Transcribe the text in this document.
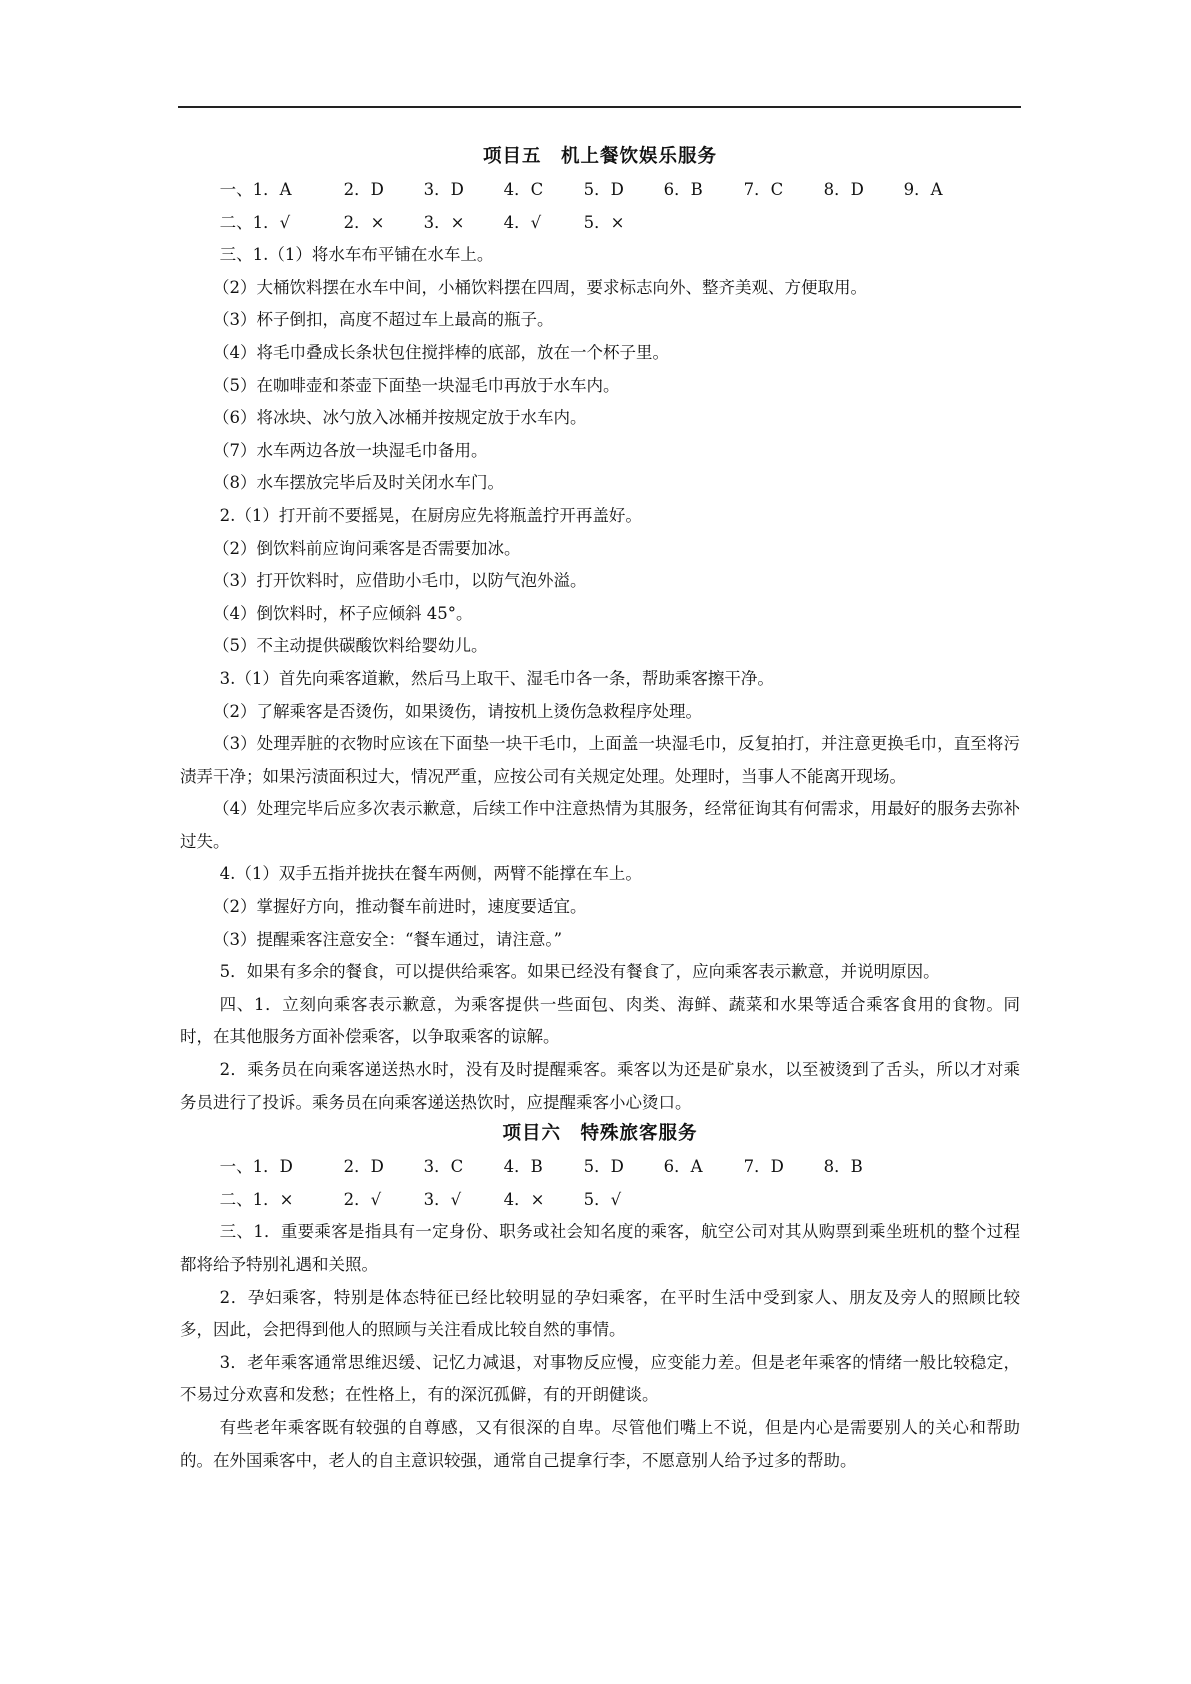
项目五　机上餐饮娱乐服务
一、1．A	2．D	3．D	4．C	5．D	6．B	7．C	8．D	9．A
二、1．√	2．×	3．×	4．√	5．×

三、1.（1）将水车布平铺在水车上。

（2）大桶饮料摆在水车中间，小桶饮料摆在四周，要求标志向外、整齐美观、方便取用。

（3）杯子倒扣，高度不超过车上最高的瓶子。

（4）将毛巾叠成长条状包住搅拌棒的底部，放在一个杯子里。

（5）在咖啡壶和茶壶下面垫一块湿毛巾再放于水车内。

（6）将冰块、冰勺放入冰桶并按规定放于水车内。

（7）水车两边各放一块湿毛巾备用。

（8）水车摆放完毕后及时关闭水车门。

2.（1）打开前不要摇晃，在厨房应先将瓶盖拧开再盖好。

（2）倒饮料前应询问乘客是否需要加冰。

（3）打开饮料时，应借助小毛巾，以防气泡外溢。

（4）倒饮料时，杯子应倾斜 45°。

（5）不主动提供碳酸饮料给婴幼儿。

3.（1）首先向乘客道歉，然后马上取干、湿毛巾各一条，帮助乘客擦干净。

（2）了解乘客是否烫伤，如果烫伤，请按机上烫伤急救程序处理。

（3）处理弄脏的衣物时应该在下面垫一块干毛巾，上面盖一块湿毛巾，反复拍打，并注意更换毛巾，直至将污渍弄干净；如果污渍面积过大，情况严重，应按公司有关规定处理。处理时，当事人不能离开现场。

（4）处理完毕后应多次表示歉意，后续工作中注意热情为其服务，经常征询其有何需求，用最好的服务去弥补过失。

4.（1）双手五指并拢扶在餐车两侧，两臂不能撑在车上。

（2）掌握好方向，推动餐车前进时，速度要适宜。

（3）提醒乘客注意安全：“餐车通过，请注意。”

5．如果有多余的餐食，可以提供给乘客。如果已经没有餐食了，应向乘客表示歉意，并说明原因。

四、1．立刻向乘客表示歉意，为乘客提供一些面包、肉类、海鲜、蔬菜和水果等适合乘客食用的食物。同时，在其他服务方面补偿乘客，以争取乘客的谅解。

2．乘务员在向乘客递送热水时，没有及时提醒乘客。乘客以为还是矿泉水，以至被烫到了舌头，所以才对乘务员进行了投诉。乘务员在向乘客递送热饮时，应提醒乘客小心烫口。

项目六　特殊旅客服务
一、1．D	2．D	3．C	4．B	5．D	6．A	7．D	8．B
二、1．×	2．√	3．√	4．×	5．√

三、1．重要乘客是指具有一定身份、职务或社会知名度的乘客，航空公司对其从购票到乘坐班机的整个过程都将给予特别礼遇和关照。

2．孕妇乘客，特别是体态特征已经比较明显的孕妇乘客，在平时生活中受到家人、朋友及旁人的照顾比较多，因此，会把得到他人的照顾与关注看成比较自然的事情。

3．老年乘客通常思维迟缓、记忆力减退，对事物反应慢，应变能力差。但是老年乘客的情绪一般比较稳定，不易过分欢喜和发愁；在性格上，有的深沉孤僻，有的开朗健谈。

有些老年乘客既有较强的自尊感，又有很深的自卑。尽管他们嘴上不说，但是内心是需要别人的关心和帮助的。在外国乘客中，老人的自主意识较强，通常自己提拿行李，不愿意别人给予过多的帮助。
